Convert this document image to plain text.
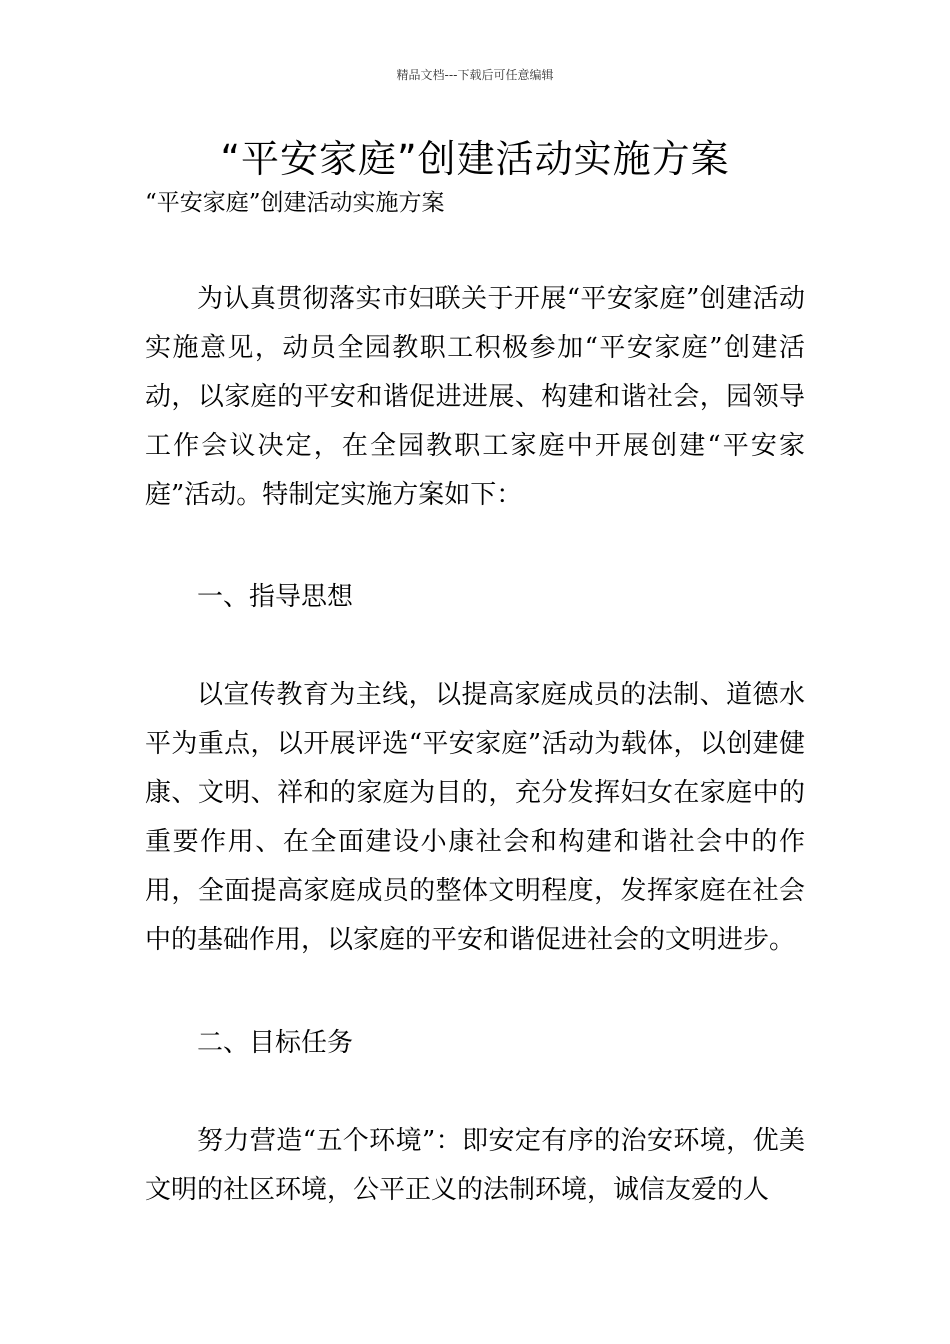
精品文档---下载后可任意编辑
“平安家庭”创建活动实施方案
“平安家庭”创建活动实施方案

为认真贯彻落实市妇联关于开展“平安家庭”创建活动实施意见，动员全园教职工积极参加“平安家庭”创建活动，以家庭的平安和谐促进进展、构建和谐社会，园领导工作会议决定，在全园教职工家庭中开展创建“平安家庭”活动。特制定实施方案如下：

一、指导思想

以宣传教育为主线，以提高家庭成员的法制、道德水平为重点，以开展评选“平安家庭”活动为载体，以创建健康、文明、祥和的家庭为目的，充分发挥妇女在家庭中的重要作用、在全面建设小康社会和构建和谐社会中的作用，全面提高家庭成员的整体文明程度，发挥家庭在社会中的基础作用，以家庭的平安和谐促进社会的文明进步。

二、目标任务

努力营造“五个环境”：即安定有序的治安环境，优美文明的社区环境，公平正义的法制环境，诚信友爱的人
